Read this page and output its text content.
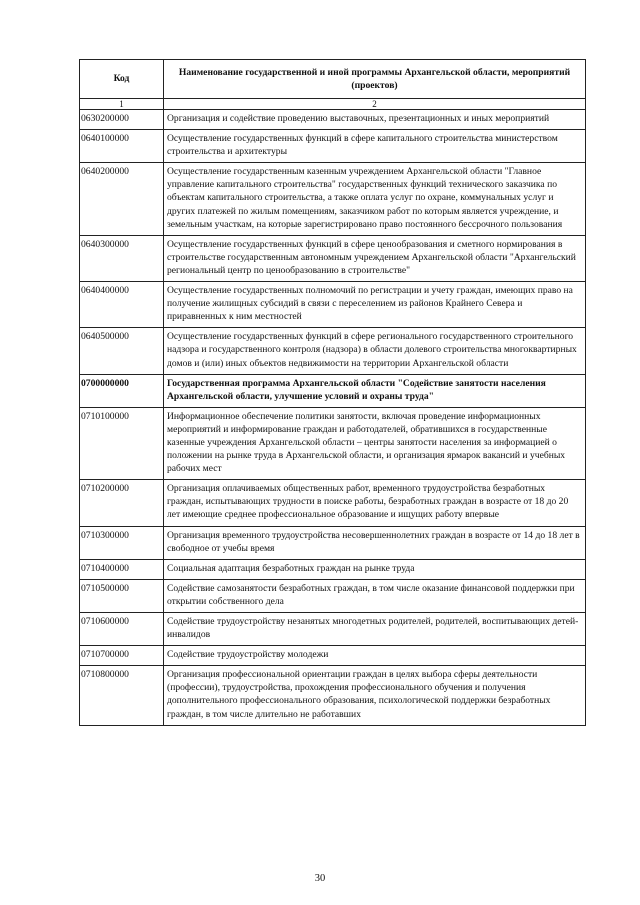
Код	Наименование государственной и иной программы Архангельской области, мероприятий (проектов)
1	2
0630200000	Организация и содействие проведению выставочных, презентационных и иных мероприятий
0640100000	Осуществление государственных функций в сфере капитального строительства министерством строительства и архитектуры
0640200000	Осуществление государственным казенным учреждением Архангельской области "Главное управление капитального строительства" государственных функций технического заказчика по объектам капитального строительства, а также оплата услуг по охране, коммунальных услуг и других платежей по жилым помещениям, заказчиком работ по которым является учреждение, и земельным участкам, на которые зарегистрировано право постоянного бессрочного пользования
0640300000	Осуществление государственных функций в сфере ценообразования и сметного нормирования в строительстве государственным автономным учреждением Архангельской области "Архангельский региональный центр по ценообразованию в строительстве"
0640400000	Осуществление государственных полномочий по регистрации и учету граждан, имеющих право на получение жилищных субсидий в связи с переселением из районов Крайнего Севера и приравненных к ним местностей
0640500000	Осуществление государственных функций в сфере регионального государственного строительного надзора и государственного контроля (надзора) в области долевого строительства многоквартирных домов и (или) иных объектов недвижимости на территории Архангельской области
0700000000	Государственная программа Архангельской области "Содействие занятости населения Архангельской области, улучшение условий и охраны труда"
0710100000	Информационное обеспечение политики занятости, включая проведение информационных мероприятий и информирование граждан и работодателей, обратившихся в государственные казенные учреждения Архангельской области – центры занятости населения за информацией о положении на рынке труда в Архангельской области, и организация ярмарок вакансий и учебных рабочих мест
0710200000	Организация оплачиваемых общественных работ, временного трудоустройства безработных граждан, испытывающих трудности в поиске работы, безработных граждан в возрасте от 18 до 20 лет имеющие среднее профессиональное образование и ищущих работу впервые
0710300000	Организация временного трудоустройства несовершеннолетних граждан в возрасте от 14 до 18 лет в свободное от учебы время
0710400000	Социальная адаптация безработных граждан на рынке труда
0710500000	Содействие самозанятости безработных граждан, в том числе оказание финансовой поддержки при открытии собственного дела
0710600000	Содействие трудоустройству незанятых многодетных родителей, родителей, воспитывающих детей-инвалидов
0710700000	Содействие трудоустройству молодежи
0710800000	Организация профессиональной ориентации граждан в целях выбора сферы деятельности (профессии), трудоустройства, прохождения профессионального обучения и получения дополнительного профессионального образования, психологической поддержки безработных граждан, в том числе длительно не работавших
30
